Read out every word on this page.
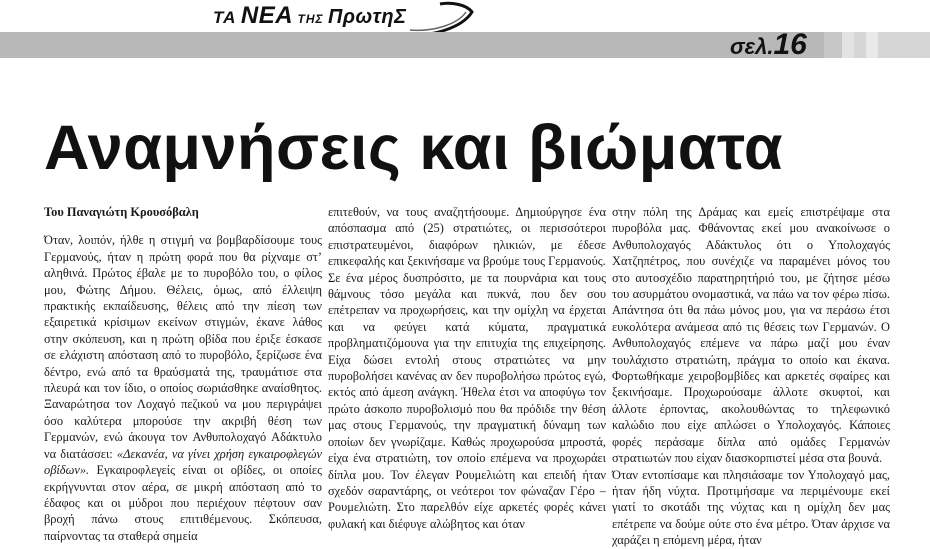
ΤΑ ΝΕΑ ΤΗΣ ΠρωτηΣ
σελ.16
Αναμνήσεις και βιώματα

Του Παναγιώτη Κρουσόβαλη

Όταν, λοιπόν, ήλθε η στιγμή να βομβαρδίσουμε τους Γερμανούς, ήταν η πρώτη φορά που θα ρίχναμε στ’ αληθινά. Πρώτος έβαλε με το πυροβόλο του, ο φίλος μου, Φώτης Δήμου. Θέλεις, όμως, από έλλειψη πρακτικής εκπαίδευσης, θέλεις από την πίεση των εξαιρετικά κρίσιμων εκείνων στιγμών, έκανε λάθος στην σκόπευση, και η πρώτη οβίδα που έριξε έσκασε σε ελάχιστη απόσταση από το πυροβόλο, ξερίζωσε ένα δέντρο, ενώ από τα θραύσματά της, τραυμάτισε στα πλευρά και τον ίδιο, ο οποίος σωριάσθηκε αναίσθητος. Ξαναρώτησα τον Λοχαγό πεζικού να μου περιγράψει όσο καλύτερα μπορούσε την ακριβή θέση των Γερμανών, ενώ άκουγα τον Ανθυπολοχαγό Αδάκτυλο να διατάσσει: «Δεκανέα, να γίνει χρήση εγκαιροφλεγών οβίδων». Εγκαιροφλεγείς είναι οι οβίδες, οι οποίες εκρήγνυνται στον αέρα, σε μικρή απόσταση από το έδαφος και οι μύδροι που περιέχουν πέφτουν σαν βροχή πάνω στους επιτιθέμενους. Σκόπευσα, παίρνοντας τα σταθερά σημεία

επιτεθούν, να τους αναζητήσουμε. Δημιούργησε ένα απόσπασμα από (25) στρατιώτες, οι περισσότεροι επιστρατευμένοι, διαφόρων ηλικιών, με έδεσε επικεφαλής και ξεκινήσαμε να βρούμε τους Γερμανούς.

Σε ένα μέρος δυσπρόσιτο, με τα πουρνάρια και τους θάμνους τόσο μεγάλα και πυκνά, που δεν σου επέτρεπαν να προχωρήσεις, και την ομίχλη να έρχεται και να φεύγει κατά κύματα, πραγματικά προβληματιζόμουνα για την επιτυχία της επιχείρησης. Είχα δώσει εντολή στους στρατιώτες να μην πυροβολήσει κανένας αν δεν πυροβολήσω πρώτος εγώ, εκτός από άμεση ανάγκη. Ήθελα έτσι να αποφύγω τον πρώτο άσκοπο πυροβολισμό που θα πρόδιδε την θέση μας στους Γερμανούς, την πραγματική δύναμη των οποίων δεν γνωρίζαμε. Καθώς προχωρούσα μπροστά, είχα ένα στρατιώτη, τον οποίο επέμενα να προχωράει δίπλα μου. Τον έλεγαν Ρουμελιώτη και επειδή ήταν σχεδόν σαραντάρης, οι νεότεροι τον φώναζαν Γέρο – Ρουμελιώτη. Στο παρελθόν είχε αρκετές φορές κάνει φυλακή και διέφυγε αλώβητος και όταν

στην πόλη της Δράμας και εμείς επιστρέψαμε στα πυροβόλα μας. Φθάνοντας εκεί μου ανακοίνωσε ο Ανθυπολοχαγός Αδάκτυλος ότι ο Υπολοχαγός Χατζηπέτρος, που συνέχιζε να παραμένει μόνος του στο αυτοσχέδιο παρατηρητήριό του, με ζήτησε μέσω του ασυρμάτου ονομαστικά, να πάω να τον φέρω πίσω. Απάντησα ότι θα πάω μόνος μου, για να περάσω έτσι ευκολότερα ανάμεσα από τις θέσεις των Γερμανών. Ο Ανθυπολοχαγός επέμενε να πάρω μαζί μου έναν τουλάχιστο στρατιώτη, πράγμα το οποίο και έκανα. Φορτωθήκαμε χειροβομβίδες και αρκετές σφαίρες και ξεκινήσαμε. Προχωρούσαμε άλλοτε σκυφτοί, και άλλοτε έρποντας, ακολουθώντας το τηλεφωνικό καλώδιο που είχε απλώσει ο Υπολοχαγός. Κάποιες φορές περάσαμε δίπλα από ομάδες Γερμανών στρατιωτών που είχαν διασκορπιστεί μέσα στα βουνά.

Όταν εντοπίσαμε και πλησιάσαμε τον Υπολοχαγό μας, ήταν ήδη νύχτα. Προτιμήσαμε να περιμένουμε εκεί γιατί το σκοτάδι της νύχτας και η ομίχλη δεν μας επέτρεπε να δούμε ούτε στο ένα μέτρο. Όταν άρχισε να χαράζει η επόμενη μέρα, ήταν
